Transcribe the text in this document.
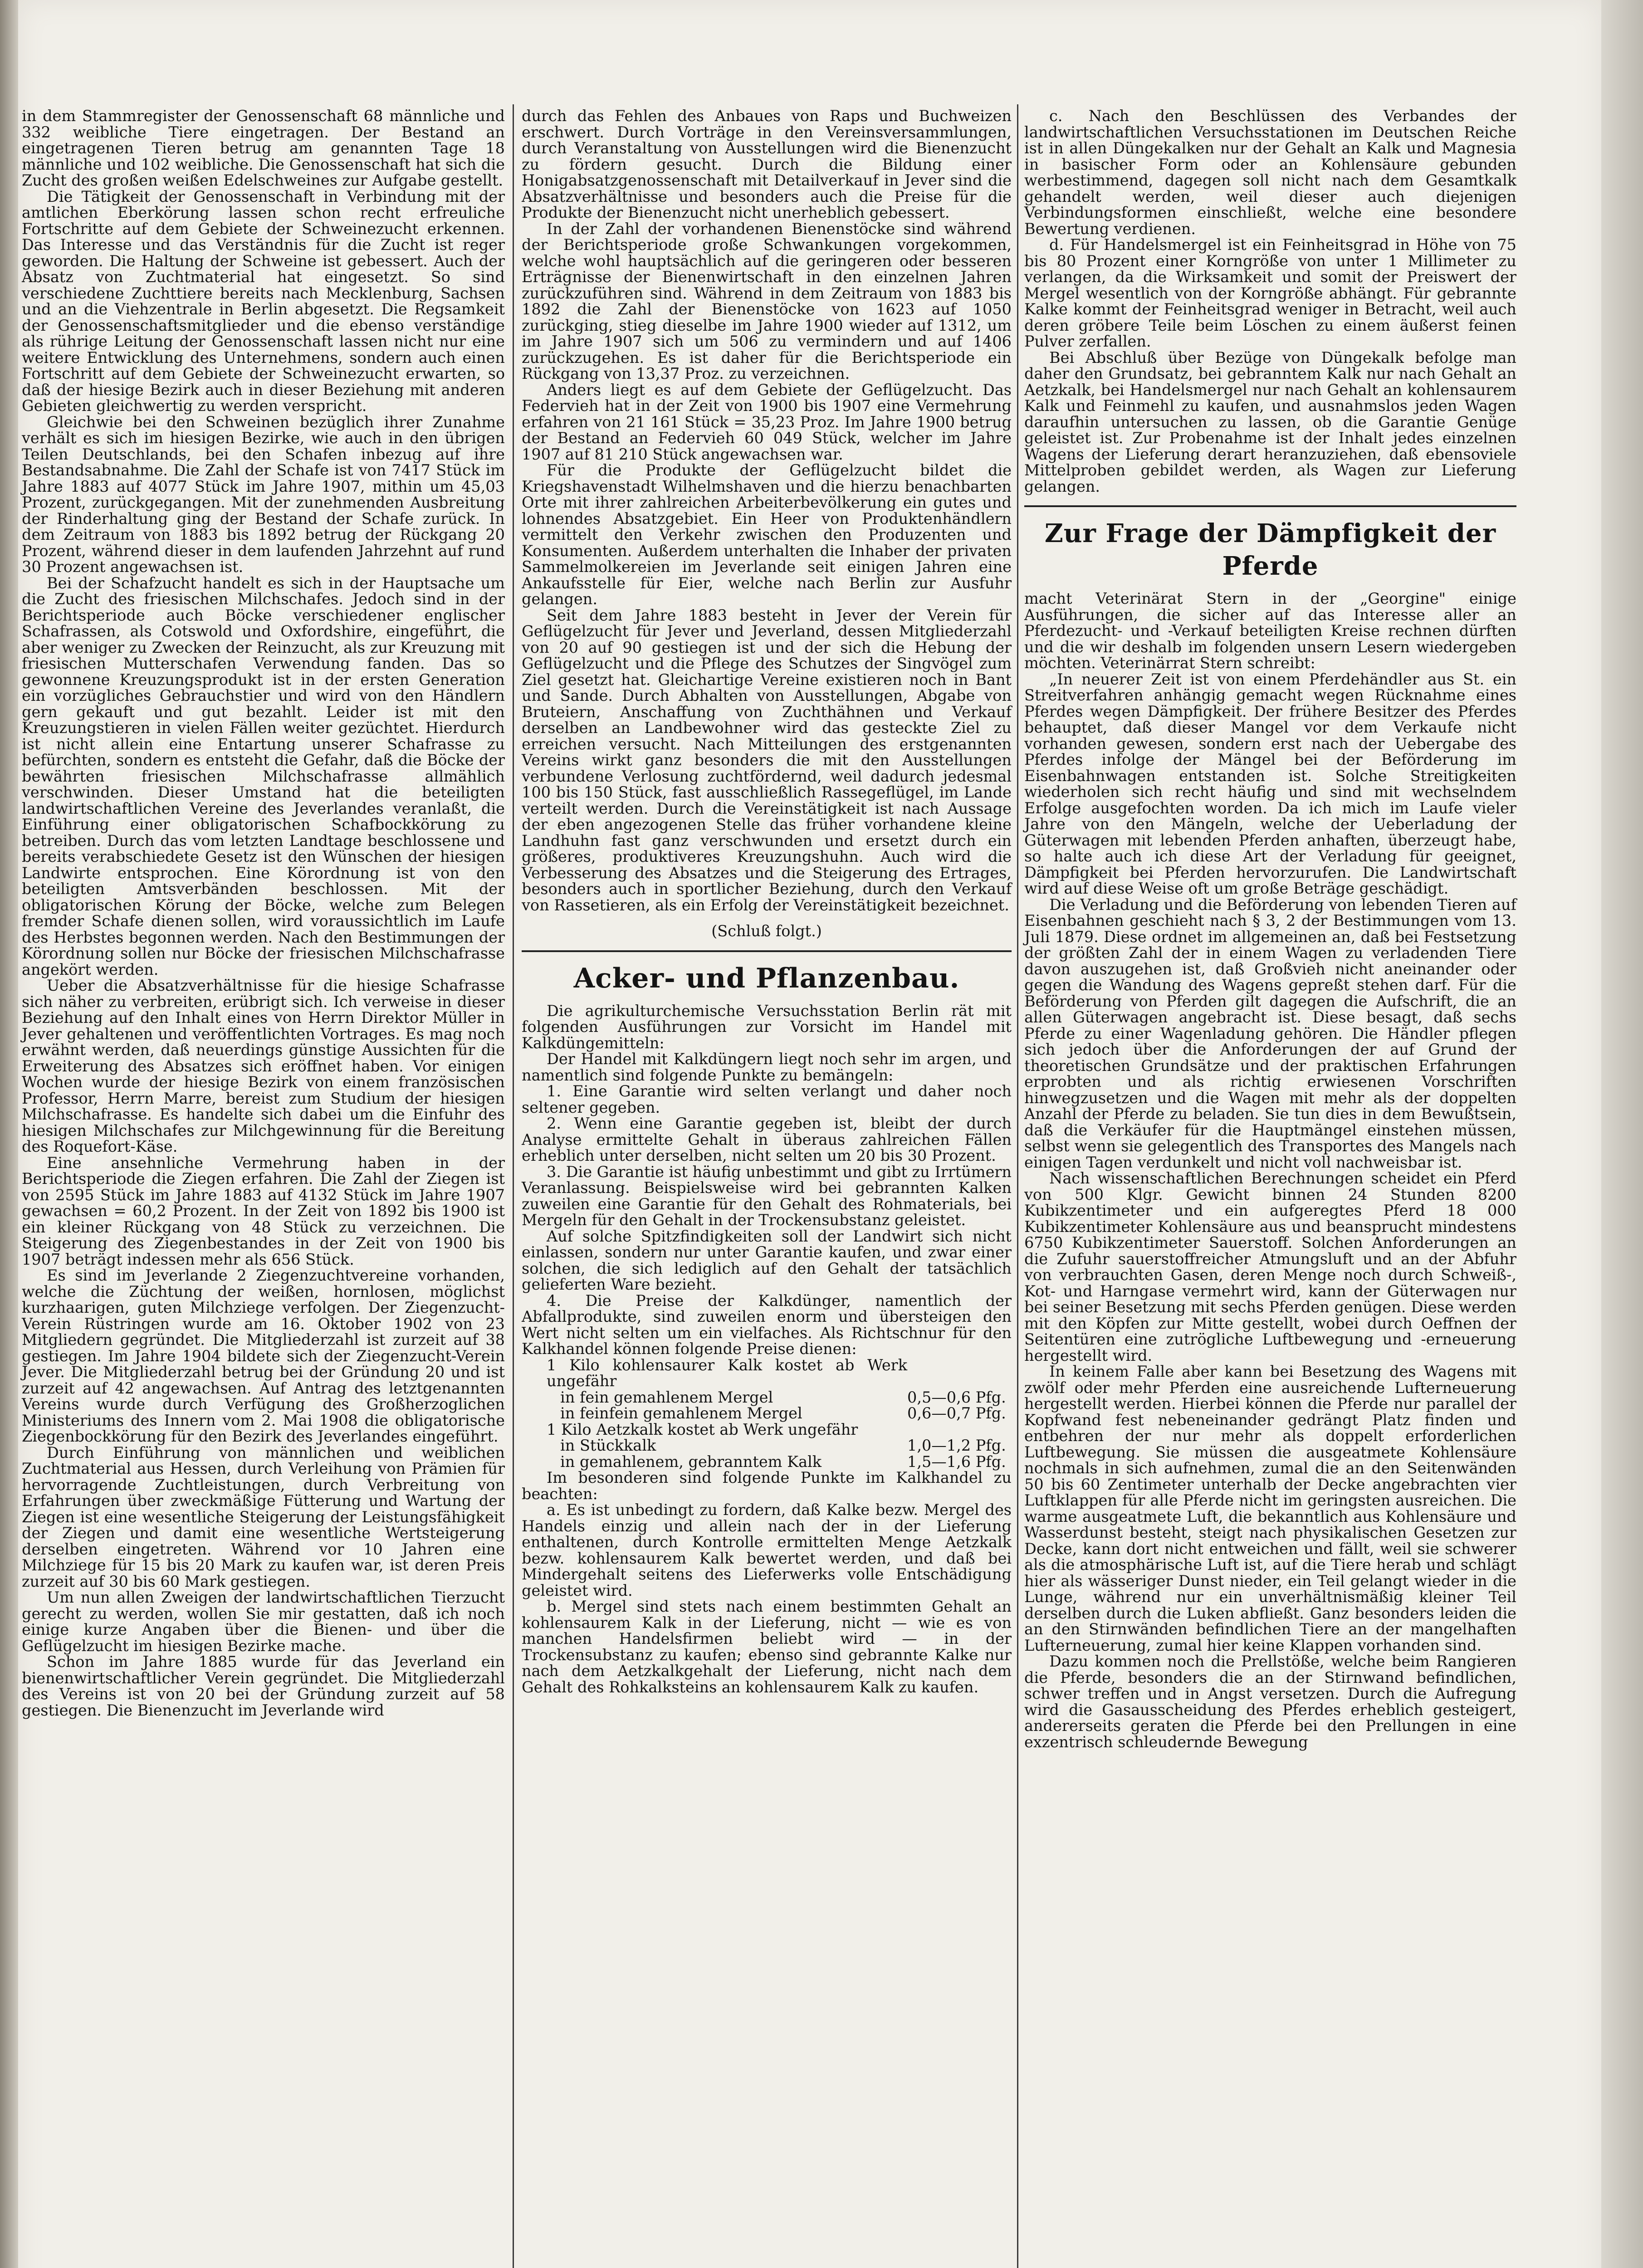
in dem Stammregister der Genossenschaft 68 männliche und 332 weibliche Tiere eingetragen. Der Bestand an eingetragenen Tieren betrug am genannten Tage 18 männliche und 102 weibliche. Die Genossenschaft hat sich die Zucht des großen weißen Edelschweines zur Aufgabe gestellt.

Die Tätigkeit der Genossenschaft in Verbindung mit der amtlichen Eberkörung lassen schon recht erfreuliche Fortschritte auf dem Gebiete der Schweinezucht erkennen. Das Interesse und das Verständnis für die Zucht ist reger geworden. Die Haltung der Schweine ist gebessert. Auch der Absatz von Zuchtmaterial hat eingesetzt. So sind verschiedene Zuchttiere bereits nach Mecklenburg, Sachsen und an die Viehzentrale in Berlin abgesetzt. Die Regsamkeit der Genossenschaftsmitglieder und die ebenso verständige als rührige Leitung der Genossenschaft lassen nicht nur eine weitere Entwicklung des Unternehmens, sondern auch einen Fortschritt auf dem Gebiete der Schweinezucht erwarten, so daß der hiesige Bezirk auch in dieser Beziehung mit anderen Gebieten gleichwertig zu werden verspricht.

Gleichwie bei den Schweinen bezüglich ihrer Zunahme verhält es sich im hiesigen Bezirke, wie auch in den übrigen Teilen Deutschlands, bei den Schafen inbezug auf ihre Bestandsabnahme. Die Zahl der Schafe ist von 7417 Stück im Jahre 1883 auf 4077 Stück im Jahre 1907, mithin um 45,03 Prozent, zurückgegangen. Mit der zunehmenden Ausbreitung der Rinderhaltung ging der Bestand der Schafe zurück. In dem Zeitraum von 1883 bis 1892 betrug der Rückgang 20 Prozent, während dieser in dem laufenden Jahrzehnt auf rund 30 Prozent angewachsen ist.

Bei der Schafzucht handelt es sich in der Hauptsache um die Zucht des friesischen Milchschafes. Jedoch sind in der Berichtsperiode auch Böcke verschiedener englischer Schafrassen, als Cotswold und Oxfordshire, eingeführt, die aber weniger zu Zwecken der Reinzucht, als zur Kreuzung mit friesischen Mutterschafen Verwendung fanden. Das so gewonnene Kreuzungsprodukt ist in der ersten Generation ein vorzügliches Gebrauchstier und wird von den Händlern gern gekauft und gut bezahlt. Leider ist mit den Kreuzungstieren in vielen Fällen weiter gezüchtet. Hierdurch ist nicht allein eine Entartung unserer Schafrasse zu befürchten, sondern es entsteht die Gefahr, daß die Böcke der bewährten friesischen Milchschafrasse allmählich verschwinden. Dieser Umstand hat die beteiligten landwirtschaftlichen Vereine des Jeverlandes veranlaßt, die Einführung einer obligatorischen Schafbockkörung zu betreiben. Durch das vom letzten Landtage beschlossene und bereits verabschiedete Gesetz ist den Wünschen der hiesigen Landwirte entsprochen. Eine Körordnung ist von den beteiligten Amtsverbänden beschlossen. Mit der obligatorischen Körung der Böcke, welche zum Belegen fremder Schafe dienen sollen, wird voraussichtlich im Laufe des Herbstes begonnen werden. Nach den Bestimmungen der Körordnung sollen nur Böcke der friesischen Milchschafrasse angekört werden.

Ueber die Absatzverhältnisse für die hiesige Schafrasse sich näher zu verbreiten, erübrigt sich. Ich verweise in dieser Beziehung auf den Inhalt eines von Herrn Direktor Müller in Jever gehaltenen und veröffentlichten Vortrages. Es mag noch erwähnt werden, daß neuerdings günstige Aussichten für die Erweiterung des Absatzes sich eröffnet haben. Vor einigen Wochen wurde der hiesige Bezirk von einem französischen Professor, Herrn Marre, bereist zum Studium der hiesigen Milchschafrasse. Es handelte sich dabei um die Einfuhr des hiesigen Milchschafes zur Milchgewinnung für die Bereitung des Roquefort-Käse.

Eine ansehnliche Vermehrung haben in der Berichtsperiode die Ziegen erfahren. Die Zahl der Ziegen ist von 2595 Stück im Jahre 1883 auf 4132 Stück im Jahre 1907 gewachsen = 60,2 Prozent. In der Zeit von 1892 bis 1900 ist ein kleiner Rückgang von 48 Stück zu verzeichnen. Die Steigerung des Ziegenbestandes in der Zeit von 1900 bis 1907 beträgt indessen mehr als 656 Stück.

Es sind im Jeverlande 2 Ziegenzuchtvereine vorhanden, welche die Züchtung der weißen, hornlosen, möglichst kurzhaarigen, guten Milchziege verfolgen. Der Ziegenzucht-Verein Rüstringen wurde am 16. Oktober 1902 von 23 Mitgliedern gegründet. Die Mitgliederzahl ist zurzeit auf 38 gestiegen. Im Jahre 1904 bildete sich der Ziegenzucht-Verein Jever. Die Mitgliederzahl betrug bei der Gründung 20 und ist zurzeit auf 42 angewachsen. Auf Antrag des letztgenannten Vereins wurde durch Verfügung des Großherzoglichen Ministeriums des Innern vom 2. Mai 1908 die obligatorische Ziegenbockkörung für den Bezirk des Jeverlandes eingeführt.

Durch Einführung von männlichen und weiblichen Zuchtmaterial aus Hessen, durch Verleihung von Prämien für hervorragende Zuchtleistungen, durch Verbreitung von Erfahrungen über zweckmäßige Fütterung und Wartung der Ziegen ist eine wesentliche Steigerung der Leistungsfähigkeit der Ziegen und damit eine wesentliche Wertsteigerung derselben eingetreten. Während vor 10 Jahren eine Milchziege für 15 bis 20 Mark zu kaufen war, ist deren Preis zurzeit auf 30 bis 60 Mark gestiegen.

Um nun allen Zweigen der landwirtschaftlichen Tierzucht gerecht zu werden, wollen Sie mir gestatten, daß ich noch einige kurze Angaben über die Bienen- und über die Geflügelzucht im hiesigen Bezirke mache.

Schon im Jahre 1885 wurde für das Jeverland ein bienenwirtschaftlicher Verein gegründet. Die Mitgliederzahl des Vereins ist von 20 bei der Gründung zurzeit auf 58 gestiegen. Die Bienenzucht im Jeverlande wird

durch das Fehlen des Anbaues von Raps und Buchweizen erschwert. Durch Vorträge in den Vereinsversammlungen, durch Veranstaltung von Ausstellungen wird die Bienenzucht zu fördern gesucht. Durch die Bildung einer Honigabsatzgenossenschaft mit Detailverkauf in Jever sind die Absatzverhältnisse und besonders auch die Preise für die Produkte der Bienenzucht nicht unerheblich gebessert.

In der Zahl der vorhandenen Bienenstöcke sind während der Berichtsperiode große Schwankungen vorgekommen, welche wohl hauptsächlich auf die geringeren oder besseren Erträgnisse der Bienenwirtschaft in den einzelnen Jahren zurückzuführen sind. Während in dem Zeitraum von 1883 bis 1892 die Zahl der Bienenstöcke von 1623 auf 1050 zurückging, stieg dieselbe im Jahre 1900 wieder auf 1312, um im Jahre 1907 sich um 506 zu vermindern und auf 1406 zurückzugehen. Es ist daher für die Berichtsperiode ein Rückgang von 13,37 Proz. zu verzeichnen.

Anders liegt es auf dem Gebiete der Geflügelzucht. Das Federvieh hat in der Zeit von 1900 bis 1907 eine Vermehrung erfahren von 21 161 Stück = 35,23 Proz. Im Jahre 1900 betrug der Bestand an Federvieh 60 049 Stück, welcher im Jahre 1907 auf 81 210 Stück angewachsen war.

Für die Produkte der Geflügelzucht bildet die Kriegshavenstadt Wilhelmshaven und die hierzu benachbarten Orte mit ihrer zahlreichen Arbeiterbevölkerung ein gutes und lohnendes Absatzgebiet. Ein Heer von Produktenhändlern vermittelt den Verkehr zwischen den Produzenten und Konsumenten. Außerdem unterhalten die Inhaber der privaten Sammelmolkereien im Jeverlande seit einigen Jahren eine Ankaufsstelle für Eier, welche nach Berlin zur Ausfuhr gelangen.

Seit dem Jahre 1883 besteht in Jever der Verein für Geflügelzucht für Jever und Jeverland, dessen Mitgliederzahl von 20 auf 90 gestiegen ist und der sich die Hebung der Geflügelzucht und die Pflege des Schutzes der Singvögel zum Ziel gesetzt hat. Gleichartige Vereine existieren noch in Bant und Sande. Durch Abhalten von Ausstellungen, Abgabe von Bruteiern, Anschaffung von Zuchthähnen und Verkauf derselben an Landbewohner wird das gesteckte Ziel zu erreichen versucht. Nach Mitteilungen des erstgenannten Vereins wirkt ganz besonders die mit den Ausstellungen verbundene Verlosung zuchtfördernd, weil dadurch jedesmal 100 bis 150 Stück, fast ausschließlich Rassegeflügel, im Lande verteilt werden. Durch die Vereinstätigkeit ist nach Aussage der eben angezogenen Stelle das früher vorhandene kleine Landhuhn fast ganz verschwunden und ersetzt durch ein größeres, produktiveres Kreuzungshuhn. Auch wird die Verbesserung des Absatzes und die Steigerung des Ertrages, besonders auch in sportlicher Beziehung, durch den Verkauf von Rassetieren, als ein Erfolg der Vereinstätigkeit bezeichnet.

(Schluß folgt.)

Acker- und Pflanzenbau.

Die agrikulturchemische Versuchsstation Berlin rät mit folgenden Ausführungen zur Vorsicht im Handel mit Kalkdüngemitteln:

Der Handel mit Kalkdüngern liegt noch sehr im argen, und namentlich sind folgende Punkte zu bemängeln:

1. Eine Garantie wird selten verlangt und daher noch seltener gegeben.

2. Wenn eine Garantie gegeben ist, bleibt der durch Analyse ermittelte Gehalt in überaus zahlreichen Fällen erheblich unter derselben, nicht selten um 20 bis 30 Prozent.

3. Die Garantie ist häufig unbestimmt und gibt zu Irrtümern Veranlassung. Beispielsweise wird bei gebrannten Kalken zuweilen eine Garantie für den Gehalt des Rohmaterials, bei Mergeln für den Gehalt in der Trockensubstanz geleistet.

Auf solche Spitzfindigkeiten soll der Landwirt sich nicht einlassen, sondern nur unter Garantie kaufen, und zwar einer solchen, die sich lediglich auf den Gehalt der tatsächlich gelieferten Ware bezieht.

4. Die Preise der Kalkdünger, namentlich der Abfallprodukte, sind zuweilen enorm und übersteigen den Wert nicht selten um ein vielfaches. Als Richtschnur für den Kalkhandel können folgende Preise dienen:

1 Kilo kohlensaurer Kalk kostet ab Werk ungefähr	
in fein gemahlenem Mergel	0,5—0,6 Pfg.
in feinfein gemahlenem Mergel	0,6—0,7 Pfg.
1 Kilo Aetzkalk kostet ab Werk ungefähr	
in Stückkalk	1,0—1,2 Pfg.
in gemahlenem, gebranntem Kalk	1,5—1,6 Pfg.

Im besonderen sind folgende Punkte im Kalkhandel zu beachten:

a. Es ist unbedingt zu fordern, daß Kalke bezw. Mergel des Handels einzig und allein nach der in der Lieferung enthaltenen, durch Kontrolle ermittelten Menge Aetzkalk bezw. kohlensaurem Kalk bewertet werden, und daß bei Mindergehalt seitens des Lieferwerks volle Entschädigung geleistet wird.

b. Mergel sind stets nach einem bestimmten Gehalt an kohlensaurem Kalk in der Lieferung, nicht — wie es von manchen Handelsfirmen beliebt wird — in der Trockensubstanz zu kaufen; ebenso sind gebrannte Kalke nur nach dem Aetzkalkgehalt der Lieferung, nicht nach dem Gehalt des Rohkalksteins an kohlensaurem Kalk zu kaufen.

c. Nach den Beschlüssen des Verbandes der landwirtschaftlichen Versuchsstationen im Deutschen Reiche ist in allen Düngekalken nur der Gehalt an Kalk und Magnesia in basischer Form oder an Kohlensäure gebunden werbestimmend, dagegen soll nicht nach dem Gesamtkalk gehandelt werden, weil dieser auch diejenigen Verbindungsformen einschließt, welche eine besondere Bewertung verdienen.

d. Für Handelsmergel ist ein Feinheitsgrad in Höhe von 75 bis 80 Prozent einer Korngröße von unter 1 Millimeter zu verlangen, da die Wirksamkeit und somit der Preiswert der Mergel wesentlich von der Korngröße abhängt. Für gebrannte Kalke kommt der Feinheitsgrad weniger in Betracht, weil auch deren gröbere Teile beim Löschen zu einem äußerst feinen Pulver zerfallen.

Bei Abschluß über Bezüge von Düngekalk befolge man daher den Grundsatz, bei gebranntem Kalk nur nach Gehalt an Aetzkalk, bei Handelsmergel nur nach Gehalt an kohlensaurem Kalk und Feinmehl zu kaufen, und ausnahmslos jeden Wagen daraufhin untersuchen zu lassen, ob die Garantie Genüge geleistet ist. Zur Probenahme ist der Inhalt jedes einzelnen Wagens der Lieferung derart heranzuziehen, daß ebensoviele Mittelproben gebildet werden, als Wagen zur Lieferung gelangen.

Zur Frage der Dämpfigkeit der Pferde

macht Veterinärat Stern in der „Georgine" einige Ausführungen, die sicher auf das Interesse aller an Pferdezucht- und -Verkauf beteiligten Kreise rechnen dürften und die wir deshalb im folgenden unsern Lesern wiedergeben möchten. Veterinärrat Stern schreibt:

„In neuerer Zeit ist von einem Pferdehändler aus St. ein Streitverfahren anhängig gemacht wegen Rücknahme eines Pferdes wegen Dämpfigkeit. Der frühere Besitzer des Pferdes behauptet, daß dieser Mangel vor dem Verkaufe nicht vorhanden gewesen, sondern erst nach der Uebergabe des Pferdes infolge der Mängel bei der Beförderung im Eisenbahnwagen entstanden ist. Solche Streitigkeiten wiederholen sich recht häufig und sind mit wechselndem Erfolge ausgefochten worden. Da ich mich im Laufe vieler Jahre von den Mängeln, welche der Ueberladung der Güterwagen mit lebenden Pferden anhaften, überzeugt habe, so halte auch ich diese Art der Verladung für geeignet, Dämpfigkeit bei Pferden hervorzurufen. Die Landwirtschaft wird auf diese Weise oft um große Beträge geschädigt.

Die Verladung und die Beförderung von lebenden Tieren auf Eisenbahnen geschieht nach § 3, 2 der Bestimmungen vom 13. Juli 1879. Diese ordnet im allgemeinen an, daß bei Festsetzung der größten Zahl der in einem Wagen zu verladenden Tiere davon auszugehen ist, daß Großvieh nicht aneinander oder gegen die Wandung des Wagens gepreßt stehen darf. Für die Beförderung von Pferden gilt dagegen die Aufschrift, die an allen Güterwagen angebracht ist. Diese besagt, daß sechs Pferde zu einer Wagenladung gehören. Die Händler pflegen sich jedoch über die Anforderungen der auf Grund der theoretischen Grundsätze und der praktischen Erfahrungen erprobten und als richtig erwiesenen Vorschriften hinwegzusetzen und die Wagen mit mehr als der doppelten Anzahl der Pferde zu beladen. Sie tun dies in dem Bewußtsein, daß die Verkäufer für die Hauptmängel einstehen müssen, selbst wenn sie gelegentlich des Transportes des Mangels nach einigen Tagen verdunkelt und nicht voll nachweisbar ist.

Nach wissenschaftlichen Berechnungen scheidet ein Pferd von 500 Klgr. Gewicht binnen 24 Stunden 8200 Kubikzentimeter und ein aufgeregtes Pferd 18 000 Kubikzentimeter Kohlensäure aus und beansprucht mindestens 6750 Kubikzentimeter Sauerstoff. Solchen Anforderungen an die Zufuhr sauerstoffreicher Atmungsluft und an der Abfuhr von verbrauchten Gasen, deren Menge noch durch Schweiß-, Kot- und Harngase vermehrt wird, kann der Güterwagen nur bei seiner Besetzung mit sechs Pferden genügen. Diese werden mit den Köpfen zur Mitte gestellt, wobei durch Oeffnen der Seitentüren eine zutrögliche Luftbewegung und -erneuerung hergestellt wird.

In keinem Falle aber kann bei Besetzung des Wagens mit zwölf oder mehr Pferden eine ausreichende Lufterneuerung hergestellt werden. Hierbei können die Pferde nur parallel der Kopfwand fest nebeneinander gedrängt Platz finden und entbehren der nur mehr als doppelt erforderlichen Luftbewegung. Sie müssen die ausgeatmete Kohlensäure nochmals in sich aufnehmen, zumal die an den Seitenwänden 50 bis 60 Zentimeter unterhalb der Decke angebrachten vier Luftklappen für alle Pferde nicht im geringsten ausreichen. Die warme ausgeatmete Luft, die bekanntlich aus Kohlensäure und Wasserdunst besteht, steigt nach physikalischen Gesetzen zur Decke, kann dort nicht entweichen und fällt, weil sie schwerer als die atmosphärische Luft ist, auf die Tiere herab und schlägt hier als wässeriger Dunst nieder, ein Teil gelangt wieder in die Lunge, während nur ein unverhältnismäßig kleiner Teil derselben durch die Luken abfließt. Ganz besonders leiden die an den Stirnwänden befindlichen Tiere an der mangelhaften Lufterneuerung, zumal hier keine Klappen vorhanden sind.

Dazu kommen noch die Prellstöße, welche beim Rangieren die Pferde, besonders die an der Stirnwand befindlichen, schwer treffen und in Angst versetzen. Durch die Aufregung wird die Gasausscheidung des Pferdes erheblich gesteigert, andererseits geraten die Pferde bei den Prellungen in eine exzentrisch schleudernde Bewegung
